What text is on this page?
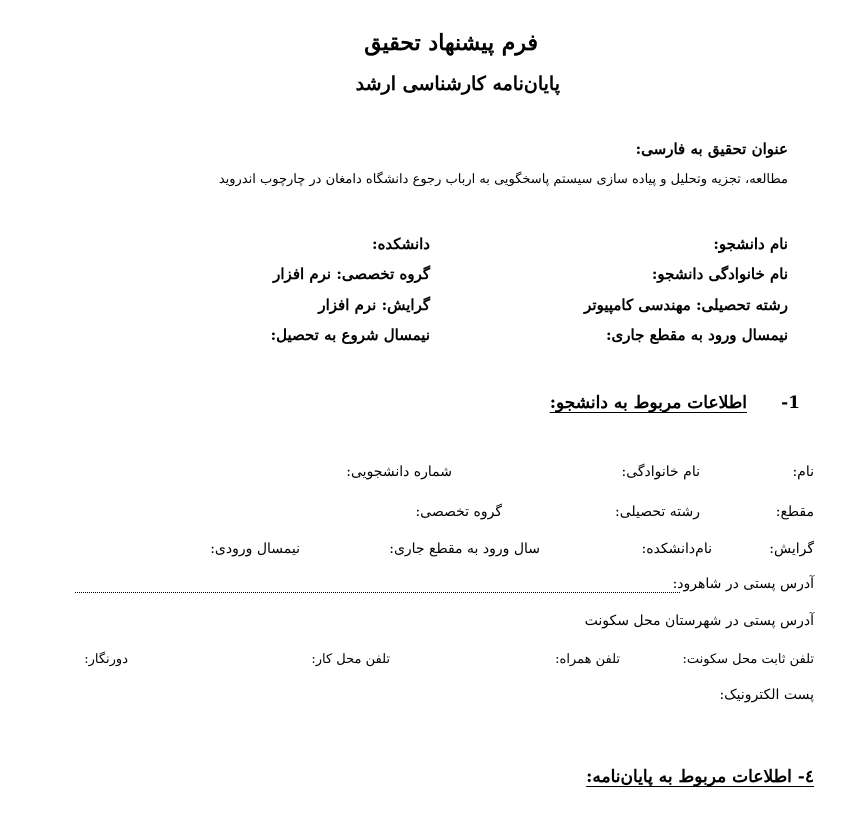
فرم پیشنهاد تحقیق
پایان‌نامه کارشناسی ارشد
عنوان تحقیق به فارسی:
مطالعه، تجزیه وتحلیل و پیاده سازی سیستم پاسخگویی به ارباب رجوع دانشگاه دامغان در چارچوب اندروید
نام دانشجو:
دانشکده:
نام خانوادگی دانشجو:
گروه تخصصی: نرم افزار
رشته تحصیلی: مهندسی کامپیوتر
گرایش: نرم افزار
نیمسال ورود به مقطع جاری:
نیمسال شروع به تحصیل:
-1
اطلاعات مربوط به دانشجو:
نام:
نام خانوادگی:
شماره دانشجویی:
مقطع:
رشته تحصیلی:
گروه تخصصی:
گرایش:
نام‌دانشکده:
سال ورود به مقطع جاری:
نیمسال ورودی:
آدرس پستی در شاهرود:
آدرس پستی در شهرستان محل سکونت
تلفن ثابت محل سکونت:
تلفن همراه:
تلفن محل کار:
دورنگار:
پست الکترونیک:
٤- اطلاعات مربوط به پایان‌نامه:
